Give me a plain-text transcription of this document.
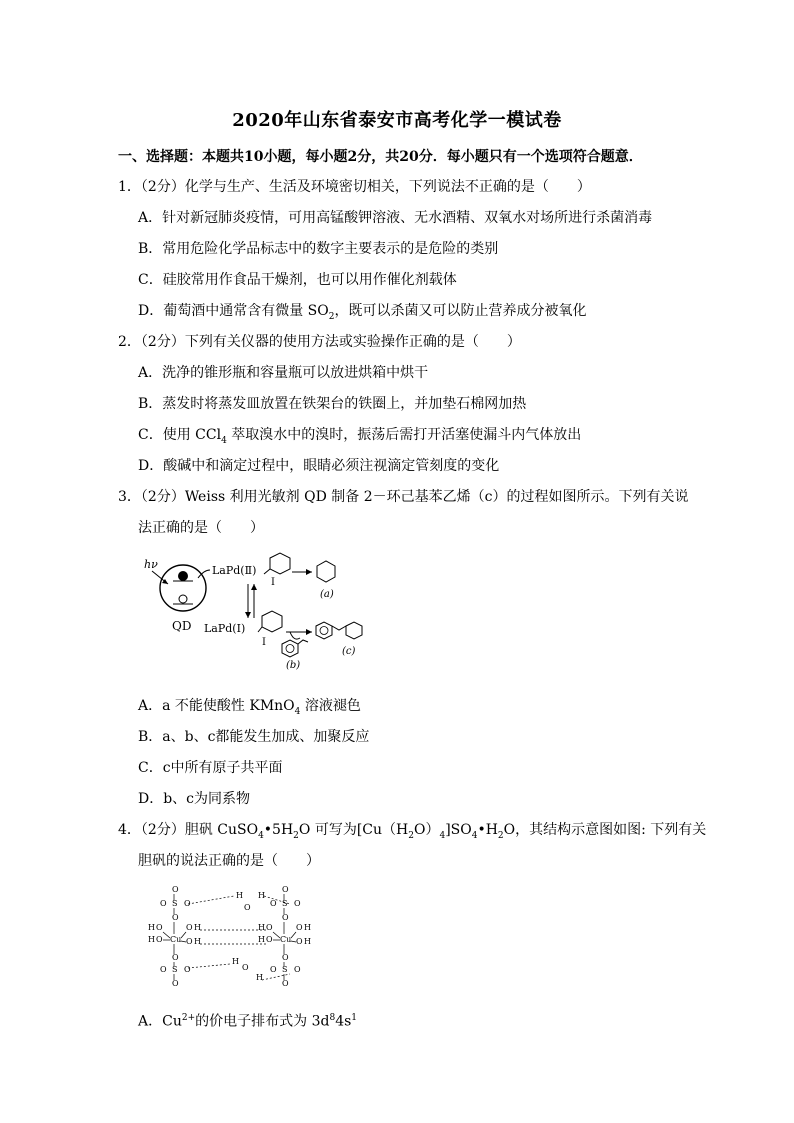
2020年山东省泰安市高考化学一模试卷
一、选择题：本题共10小题，每小题2分，共20分．每小题只有一个选项符合题意．
1．（2分）化学与生产、生活及环境密切相关，下列说法不正确的是（　　）
A．针对新冠肺炎疫情，可用高锰酸钾溶液、无水酒精、双氧水对场所进行杀菌消毒
B．常用危险化学品标志中的数字主要表示的是危险的类别
C．硅胶常用作食品干燥剂，也可以用作催化剂载体
D．葡萄酒中通常含有微量 $SO_2$，既可以杀菌又可以防止营养成分被氧化
2．（2分）下列有关仪器的使用方法或实验操作正确的是（　　）
A．洗净的锥形瓶和容量瓶可以放进烘箱中烘干
B．蒸发时将蒸发皿放置在铁架台的铁圈上，并加垫石棉网加热
C．使用 CCl$_4$ 萃取溴水中的溴时，振荡后需打开活塞使漏斗内气体放出
D．酸碱中和滴定过程中，眼睛必须注视滴定管刻度的变化
3．（2分）Weiss 利用光敏剂 QD 制备 2－环己基苯乙烯（c）的过程如图所示。下列有关说
法正确的是（　　）
hν
QD
LaPd(Ⅱ)
I
(a)
LaPd(Ⅰ)
I
(b)
(c)
A．a 不能使酸性 KMnO$_4$ 溶液褪色
B．a、b、c都能发生加成、加聚反应
C．c中所有原子共平面
D．b、c为同系物
4．（2分）胆矾 $CuSO_4•5H_2O$ 可写为$[Cu(H_2O)_4]SO_4•H_2O$，其结构示意图如图: 下列有关
胆矾的说法正确的是（　　）
O
S
O O
O
Cu
H O
H O
O H
O H
O
S
O O
O
O
S
O O
O
Cu
H O
H O
O H
O H
O
S
O O
O
H
O
H
H
O
H
A．$Cu^{2+}$的价电子排布式为 $3d^84s^1$
